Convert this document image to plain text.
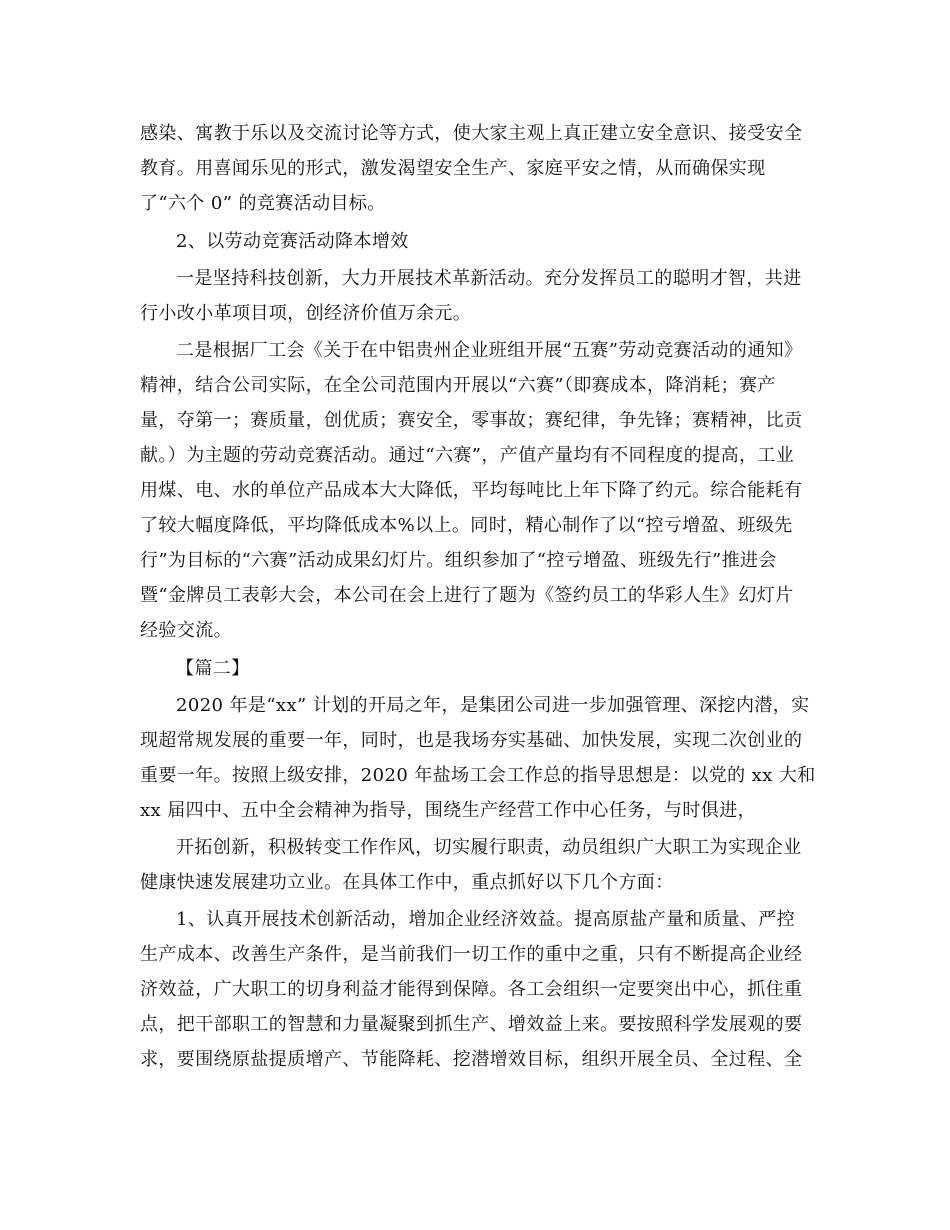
感染、寓教于乐以及交流讨论等方式，使大家主观上真正建立安全意识、接受安全
教育。用喜闻乐见的形式，激发渴望安全生产、家庭平安之情，从而确保实现
了“六个 0” 的竞赛活动目标。
2、以劳动竞赛活动降本增效
一是坚持科技创新，大力开展技术革新活动。充分发挥员工的聪明才智，共进
行小改小革项目项，创经济价值万余元。
二是根据厂工会《关于在中铝贵州企业班组开展“五赛”劳动竞赛活动的通知》
精神，结合公司实际，在全公司范围内开展以“六赛”（即赛成本，降消耗；赛产
量，夺第一；赛质量，创优质；赛安全，零事故；赛纪律，争先锋；赛精神，比贡
献。）为主题的劳动竞赛活动。通过“六赛”，产值产量均有不同程度的提高，工业
用煤、电、水的单位产品成本大大降低，平均每吨比上年下降了约元。综合能耗有
了较大幅度降低，平均降低成本%以上。同时，精心制作了以“控亏增盈、班级先
行”为目标的“六赛”活动成果幻灯片。组织参加了“控亏增盈、班级先行”推进会
暨“金牌员工表彰大会，本公司在会上进行了题为《签约员工的华彩人生》幻灯片
经验交流。
【篇二】
2020 年是“xx” 计划的开局之年，是集团公司进一步加强管理、深挖内潜，实
现超常规发展的重要一年，同时，也是我场夯实基础、加快发展，实现二次创业的
重要一年。按照上级安排，2020 年盐场工会工作总的指导思想是：以党的 xx 大和
xx 届四中、五中全会精神为指导，围绕生产经营工作中心任务，与时俱进，
开拓创新，积极转变工作作风，切实履行职责，动员组织广大职工为实现企业
健康快速发展建功立业。在具体工作中，重点抓好以下几个方面：
1、认真开展技术创新活动，增加企业经济效益。提高原盐产量和质量、严控
生产成本、改善生产条件，是当前我们一切工作的重中之重，只有不断提高企业经
济效益，广大职工的切身利益才能得到保障。各工会组织一定要突出中心，抓住重
点，把干部职工的智慧和力量凝聚到抓生产、增效益上来。要按照科学发展观的要
求，要围绕原盐提质增产、节能降耗、挖潜增效目标，组织开展全员、全过程、全
